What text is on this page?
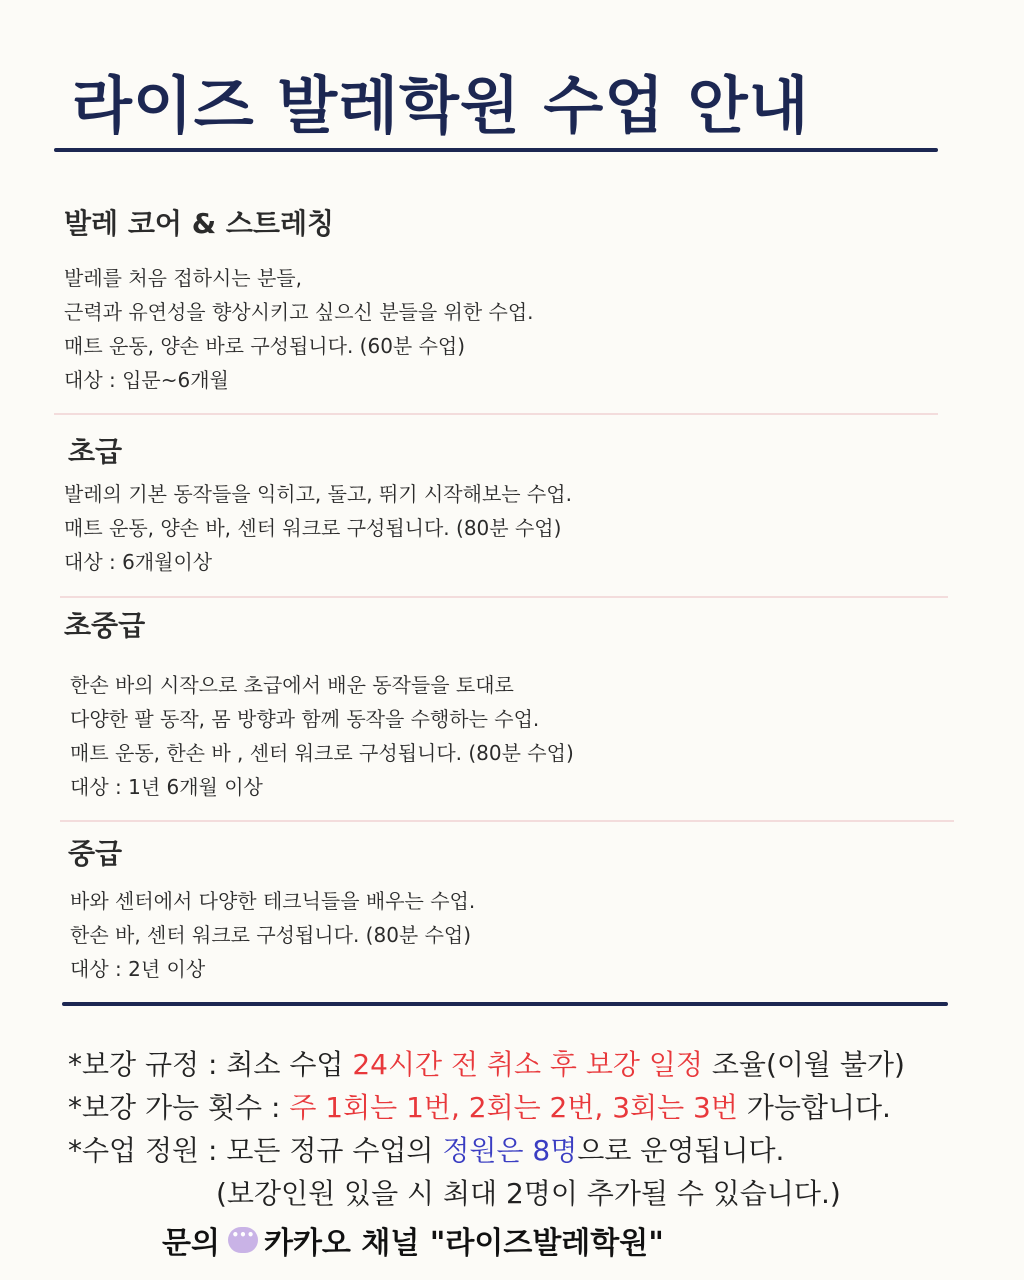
라이즈 발레학원 수업 안내
발레 코어 & 스트레칭
발레를 처음 접하시는 분들,
근력과 유연성을 향상시키고 싶으신 분들을 위한 수업.
매트 운동, 양손 바로 구성됩니다. (60분 수업)
대상 : 입문~6개월
초급
발레의 기본 동작들을 익히고, 돌고, 뛰기 시작해보는 수업.
매트 운동, 양손 바, 센터 워크로 구성됩니다. (80분 수업)
대상 : 6개월이상
초중급
한손 바의 시작으로 초급에서 배운 동작들을 토대로
다양한 팔 동작, 몸 방향과 함께 동작을 수행하는 수업.
매트 운동, 한손 바 , 센터 워크로 구성됩니다. (80분 수업)
대상 : 1년 6개월 이상
중급
바와 센터에서 다양한 테크닉들을 배우는 수업.
한손 바, 센터 워크로 구성됩니다. (80분 수업)
대상 : 2년 이상
*보강 규정 : 최소 수업 24시간 전 취소 후 보강 일정 조율(이월 불가)
*보강 가능 횟수 : 주 1회는 1번, 2회는 2번, 3회는 3번 가능합니다.
*수업 정원 : 모든 정규 수업의 정원은 8명으로 운영됩니다.
(보강인원 있을 시 최대 2명이 추가될 수 있습니다.)
문의
••• 카카오 채널 "라이즈발레학원"
